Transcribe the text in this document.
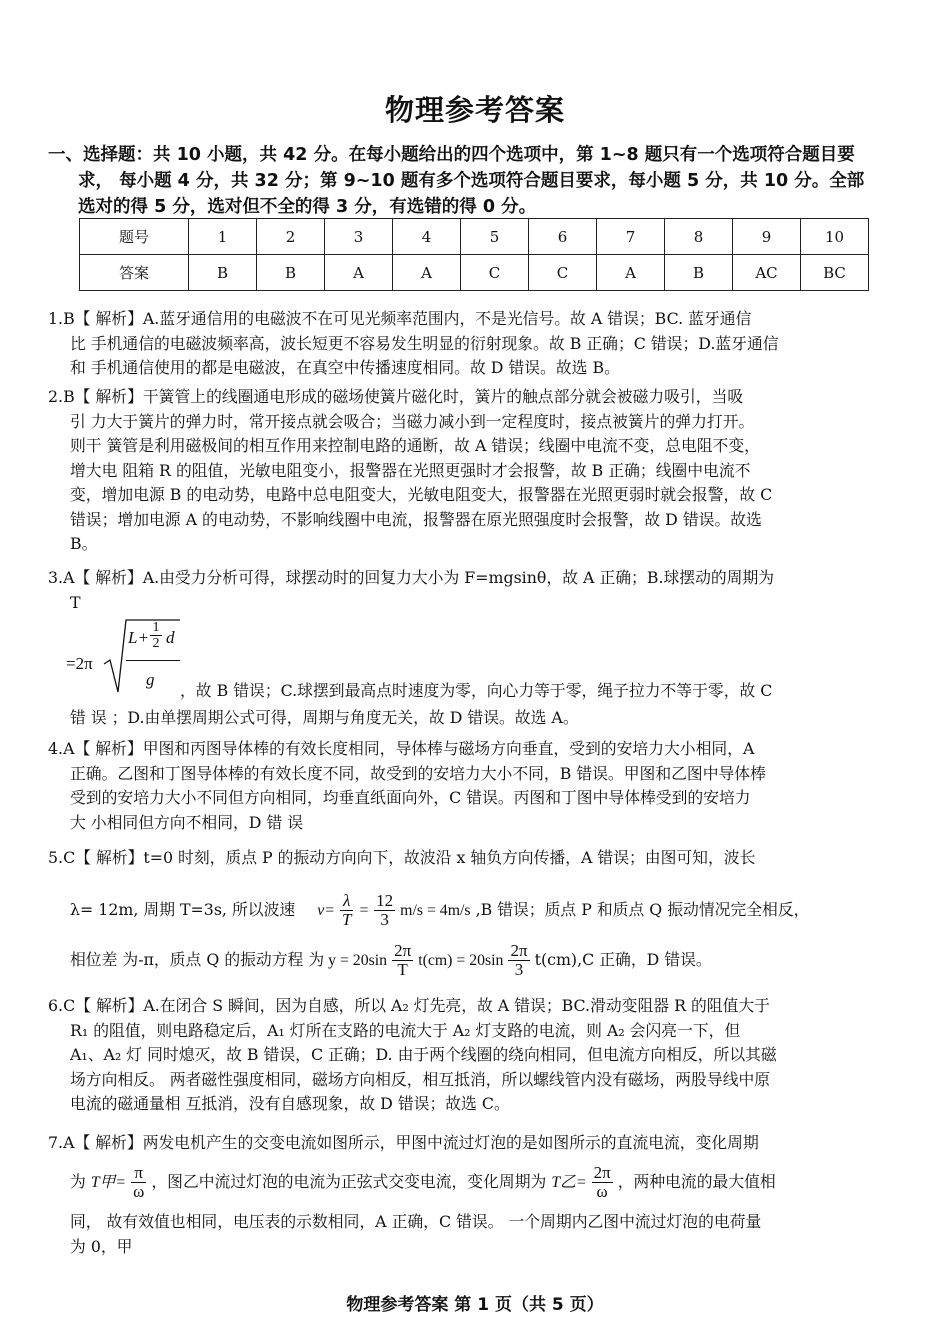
物理参考答案
一、选择题：共 10 小题，共 42 分。在每小题给出的四个选项中，第 1~8 题只有一个选项符合题目要
求， 每小题 4 分，共 32 分；第 9~10 题有多个选项符合题目要求，每小题 5 分，共 10 分。全部
选对的得 5 分，选对但不全的得 3 分，有选错的得 0 分。
题号	1	2	3	4	5	6	7	8	9	10
答案	B	B	A	A	C	C	A	B	AC	BC
1.B【 解析】A.蓝牙通信用的电磁波不在可见光频率范围内，不是光信号。故 A 错误；BC. 蓝牙通信
比 手机通信的电磁波频率高，波长短更不容易发生明显的衍射现象。故 B 正确；C 错误；D.蓝牙通信
和 手机通信使用的都是电磁波，在真空中传播速度相同。故 D 错误。故选 B。
2.B【 解析】干簧管上的线圈通电形成的磁场使簧片磁化时，簧片的触点部分就会被磁力吸引，当吸
引 力大于簧片的弹力时，常开接点就会吸合；当磁力减小到一定程度时，接点被簧片的弹力打开。
则干 簧管是利用磁极间的相互作用来控制电路的通断，故 A 错误；线圈中电流不变，总电阻不变，
增大电 阻箱 R 的阻值，光敏电阻变小，报警器在光照更强时才会报警，故 B 正确；线圈中电流不
变，增加电源 B 的电动势，电路中总电阻变大，光敏电阻变大，报警器在光照更弱时就会报警，故 C
错误；增加电源 A 的电动势，不影响线圈中电流，报警器在原光照强度时会报警，故 D 错误。故选
B。
3.A【 解析】A.由受力分析可得，球摆动时的回复力大小为 F=mgsinθ，故 A 正确；B.球摆动的周期为
T
=2π
$L+ \frac{1}{2}$ d
g
，故 B 错误；C.球摆到最高点时速度为零，向心力等于零，绳子拉力不等于零，故 C
错 误 ；D.由单摆周期公式可得，周期与角度无关，故 D 错误。故选 A。
4.A【 解析】甲图和丙图导体棒的有效长度相同，导体棒与磁场方向垂直，受到的安培力大小相同，A
正确。乙图和丁图导体棒的有效长度不同，故受到的安培力大小不同，B 错误。甲图和乙图中导体棒
受到的安培力大小不同但方向相同，均垂直纸面向外，C 错误。丙图和丁图中导体棒受到的安培力
大 小相同但方向不相同，D 错 误
5.C【 解析】t=0 时刻，质点 P 的振动方向向下，故波沿 x 轴负方向传播，A 错误；由图可知，波长
λ= 12m, 周期 T=3s, 所以波速 $v= \frac{\lambda}{T} = \frac{12}{3} m/s = 4m/s$ ,B 错误；质点 P 和质点 Q 振动情况完全相反，
相位差 为-π，质点 Q 的振动方程 为 $y = 20\sin \frac{2\pi}{T} t(cm) = 20\sin \frac{2\pi}{3} t(cm),C$ 正确，D 错误。
6.C【 解析】A.在闭合 S 瞬间，因为自感，所以 A₂ 灯先亮，故 A 错误；BC.滑动变阻器 R 的阻值大于
R₁ 的阻值，则电路稳定后，A₁ 灯所在支路的电流大于 A₂ 灯支路的电流，则 A₂ 会闪亮一下，但
A₁、A₂ 灯 同时熄灭，故 B 错误，C 正确；D. 由于两个线圈的绕向相同，但电流方向相反，所以其磁
场方向相反。 两者磁性强度相同，磁场方向相反，相互抵消，所以螺线管内没有磁场，两股导线中原
电流的磁通量相 互抵消，没有自感现象，故 D 错误；故选 C。
7.A【 解析】两发电机产生的交变电流如图所示，甲图中流过灯泡的是如图所示的直流电流，变化周期
为 T甲= $\frac{\pi}{\omega}$ ，图乙中流过灯泡的电流为正弦式交变电流，变化周期为 T乙= $\frac{2\pi}{\omega}$ ，两种电流的最大值相
同， 故有效值也相同，电压表的示数相同，A 正确，C 错误。 一个周期内乙图中流过灯泡的电荷量
为 0，甲
物理参考答案 第 1 页（共 5 页）
